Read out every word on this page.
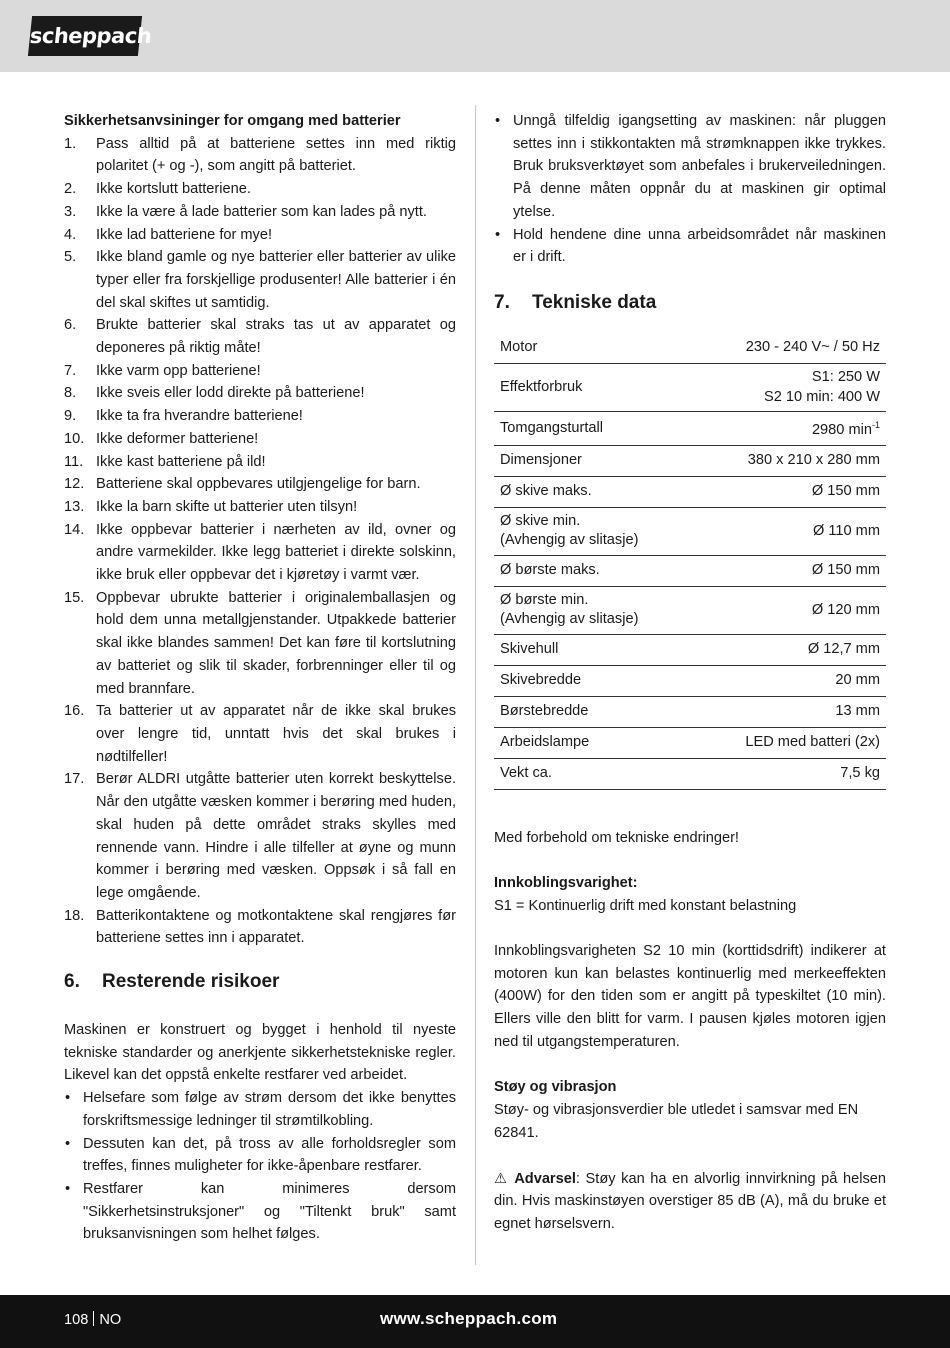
scheppach
Sikkerhetsanvsininger for omgang med batterier
1.	Pass alltid på at batteriene settes inn med riktig polaritet (+ og -), som angitt på batteriet.
2.	Ikke kortslutt batteriene.
3.	Ikke la være å lade batterier som kan lades på nytt.
4.	Ikke lad batteriene for mye!
5.	Ikke bland gamle og nye batterier eller batterier av ulike typer eller fra forskjellige produsenter! Alle batterier i én del skal skiftes ut samtidig.
6.	Brukte batterier skal straks tas ut av apparatet og deponeres på riktig måte!
7.	Ikke varm opp batteriene!
8.	Ikke sveis eller lodd direkte på batteriene!
9.	Ikke ta fra hverandre batteriene!
10. Ikke deformer batteriene!
11. Ikke kast batteriene på ild!
12. Batteriene skal oppbevares utilgjengelige for barn.
13. Ikke la barn skifte ut batterier uten tilsyn!
14. Ikke oppbevar batterier i nærheten av ild, ovner og andre varmekilder. Ikke legg batteriet i direkte solskinn, ikke bruk eller oppbevar det i kjøretøy i varmt vær.
15. Oppbevar ubrukte batterier i originalemballasjen og hold dem unna metallgjenstander. Utpakkede batterier skal ikke blandes sammen! Det kan føre til kortslutning av batteriet og slik til skader, forbrenninger eller til og med brannfare.
16. Ta batterier ut av apparatet når de ikke skal brukes over lengre tid, unntatt hvis det skal brukes i nødtilfeller!
17. Berør ALDRI utgåtte batterier uten korrekt beskyttelse. Når den utgåtte væsken kommer i berøring med huden, skal huden på dette området straks skylles med rennende vann. Hindre i alle tilfeller at øyne og munn kommer i berøring med væsken. Oppsøk i så fall en lege omgående.
18. Batterikontaktene og motkontaktene skal rengjøres før batteriene settes inn i apparatet.
6.	Resterende risikoer

Maskinen er konstruert og bygget i henhold til nyeste tekniske standarder og anerkjente sikkerhetstekniske regler. Likevel kan det oppstå enkelte restfarer ved arbeidet.

• Helsefare som følge av strøm dersom det ikke benyttes forskriftsmessige ledninger til strømtilkobling.
• Dessuten kan det, på tross av alle forholdsregler som treffes, finnes muligheter for ikke-åpenbare restfarer.
• Restfarer kan minimeres dersom "Sikkerhetsinstruksjoner" og "Tiltenkt bruk" samt bruksanvisningen som helhet følges.
• Unngå tilfeldig igangsetting av maskinen: når pluggen settes inn i stikkontakten må strømknappen ikke trykkes. Bruk bruksverktøyet som anbefales i brukerveiledningen. På denne måten oppnår du at maskinen gir optimal ytelse.
• Hold hendene dine unna arbeidsområdet når maskinen er i drift.
7.	Tekniske data
Motor	230 - 240 V~ / 50 Hz

Effektforbruk	S1: 250 W
S2 10 min: 400 W

Tomgangsturtall	2980 $\min^{-1}$

Dimensjoner	380 x 210 x 280 mm

Ø skive maks.	Ø 150 mm

Ø skive min.
(Avhengig av slitasje)	Ø 110 mm

Ø børste maks.	Ø 150 mm

Ø børste min.
(Avhengig av slitasje)	Ø 120 mm

Skivehull	Ø 12,7 mm

Skivebredde	20 mm

Børstebredde	13 mm

Arbeidslampe	LED med batteri (2x)

Vekt ca.	7,5 kg

Med forbehold om tekniske endringer!

Innkoblingsvarighet:

S1 = Kontinuerlig drift med konstant belastning

Innkoblingsvarigheten S2 10 min (korttidsdrift) indikerer at motoren kun kan belastes kontinuerlig med merkeeffekten (400W) for den tiden som er angitt på typeskiltet (10 min). Ellers ville den blitt for varm. I pausen kjøles motoren igjen ned til utgangstemperaturen.

Støy og vibrasjon

Støy- og vibrasjonsverdier ble utledet i samsvar med EN 62841.

⚠ Advarsel: Støy kan ha en alvorlig innvirkning på helsen din. Hvis maskinstøyen overstiger 85 dB (A), må du bruke et egnet hørselsvern.

108 NO	www.scheppach.com
